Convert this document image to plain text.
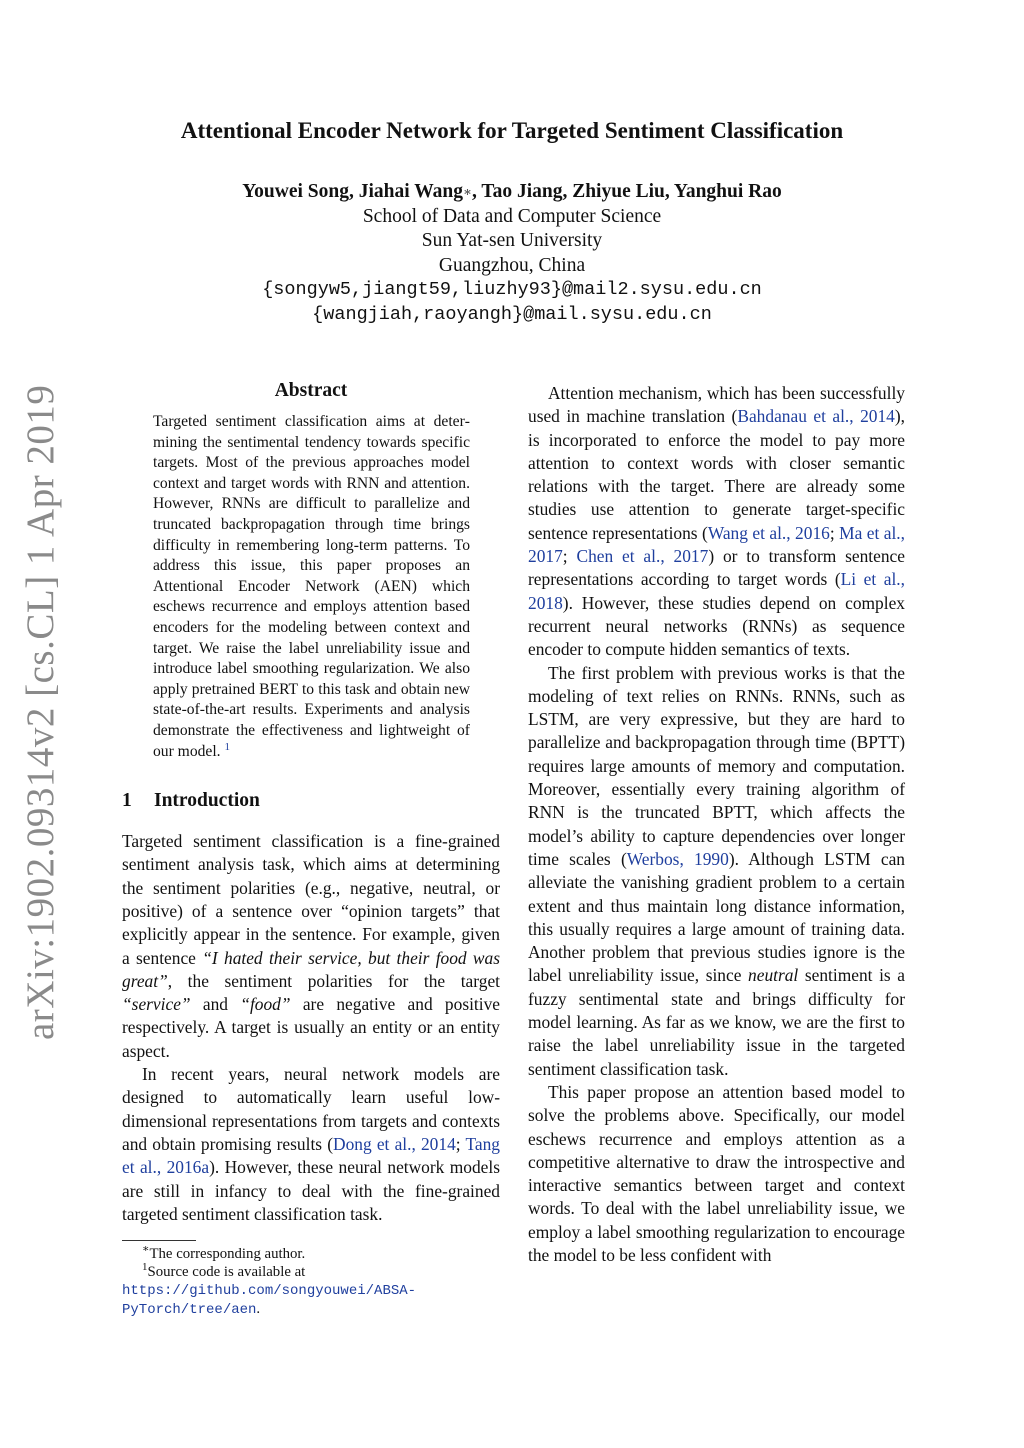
arXiv:1902.09314v2 [cs.CL] 1 Apr 2019
Attentional Encoder Network for Targeted Sentiment Classification
Youwei Song, Jiahai Wang∗, Tao Jiang, Zhiyue Liu, Yanghui Rao
School of Data and Computer Science
Sun Yat-sen University
Guangzhou, China
{songyw5,jiangt59,liuzhy93}@mail2.sysu.edu.cn
{wangjiah,raoyangh}@mail.sysu.edu.cn
Abstract

Targeted sentiment classification aims at determining the sentimental tendency towards specific targets. Most of the previous approaches model context and target words with RNN and attention. However, RNNs are difficult to parallelize and truncated backpropagation through time brings difficulty in remembering long-term patterns. To address this issue, this paper proposes an Attentional Encoder Network (AEN) which eschews recurrence and employs attention based encoders for the modeling between context and target. We raise the label unreliability issue and introduce label smoothing regularization. We also apply pretrained BERT to this task and obtain new state-of-the-art results. Experiments and analysis demonstrate the effectiveness and lightweight of our model. $^1$

1 Introduction

Targeted sentiment classification is a fine-grained sentiment analysis task, which aims at determining the sentiment polarities (e.g., negative, neutral, or positive) of a sentence over “opinion targets” that explicitly appear in the sentence. For example, given a sentence “I hated their service, but their food was great”, the sentiment polarities for the target “service” and “food” are negative and positive respectively. A target is usually an entity or an entity aspect.

In recent years, neural network models are designed to automatically learn useful low-dimensional representations from targets and contexts and obtain promising results (Dong et al., 2014; Tang et al., 2016a). However, these neural network models are still in infancy to deal with the fine-grained targeted sentiment classification task.

∗The corresponding author.

$^1$Source code is available at https://github.com/songyouwei/ABSA-PyTorch/tree/aen.

Attention mechanism, which has been successfully used in machine translation (Bahdanau et al., 2014), is incorporated to enforce the model to pay more attention to context words with closer semantic relations with the target. There are already some studies use attention to generate target-specific sentence representations (Wang et al., 2016; Ma et al., 2017; Chen et al., 2017) or to transform sentence representations according to target words (Li et al., 2018). However, these studies depend on complex recurrent neural networks (RNNs) as sequence encoder to compute hidden semantics of texts.

The first problem with previous works is that the modeling of text relies on RNNs. RNNs, such as LSTM, are very expressive, but they are hard to parallelize and backpropagation through time (BPTT) requires large amounts of memory and computation. Moreover, essentially every training algorithm of RNN is the truncated BPTT, which affects the model’s ability to capture dependencies over longer time scales (Werbos, 1990). Although LSTM can alleviate the vanishing gradient problem to a certain extent and thus maintain long distance information, this usually requires a large amount of training data. Another problem that previous studies ignore is the label unreliability issue, since neutral sentiment is a fuzzy sentimental state and brings difficulty for model learning. As far as we know, we are the first to raise the label unreliability issue in the targeted sentiment classification task.

This paper propose an attention based model to solve the problems above. Specifically, our model eschews recurrence and employs attention as a competitive alternative to draw the introspective and interactive semantics between target and context words. To deal with the label unreliability issue, we employ a label smoothing regularization to encourage the model to be less confident with
